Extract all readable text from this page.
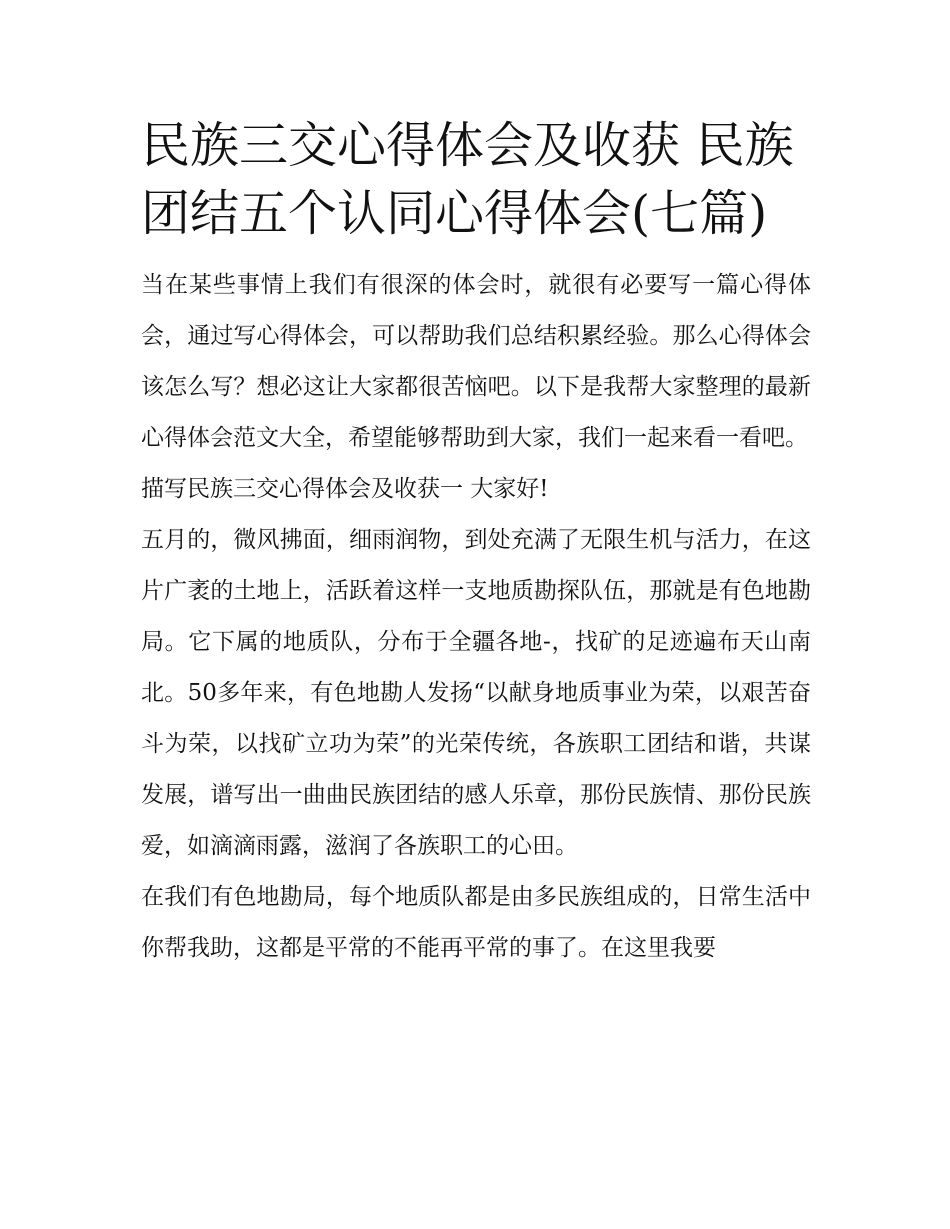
民族三交心得体会及收获 民族团结五个认同心得体会(七篇)

当在某些事情上我们有很深的体会时，就很有必要写一篇心得体会，通过写心得体会，可以帮助我们总结积累经验。那么心得体会该怎么写？想必这让大家都很苦恼吧。以下是我帮大家整理的最新心得体会范文大全，希望能够帮助到大家，我们一起来看一看吧。

描写民族三交心得体会及收获一 大家好!

五月的，微风拂面，细雨润物，到处充满了无限生机与活力，在这片广袤的土地上，活跃着这样一支地质勘探队伍，那就是有色地勘局。它下属的地质队，分布于全疆各地-，找矿的足迹遍布天山南北。50多年来，有色地勘人发扬“以献身地质事业为荣，以艰苦奋斗为荣，以找矿立功为荣”的光荣传统，各族职工团结和谐，共谋发展，谱写出一曲曲民族团结的感人乐章，那份民族情、那份民族爱，如滴滴雨露，滋润了各族职工的心田。

在我们有色地勘局，每个地质队都是由多民族组成的，日常生活中你帮我助，这都是平常的不能再平常的事了。在这里我要
